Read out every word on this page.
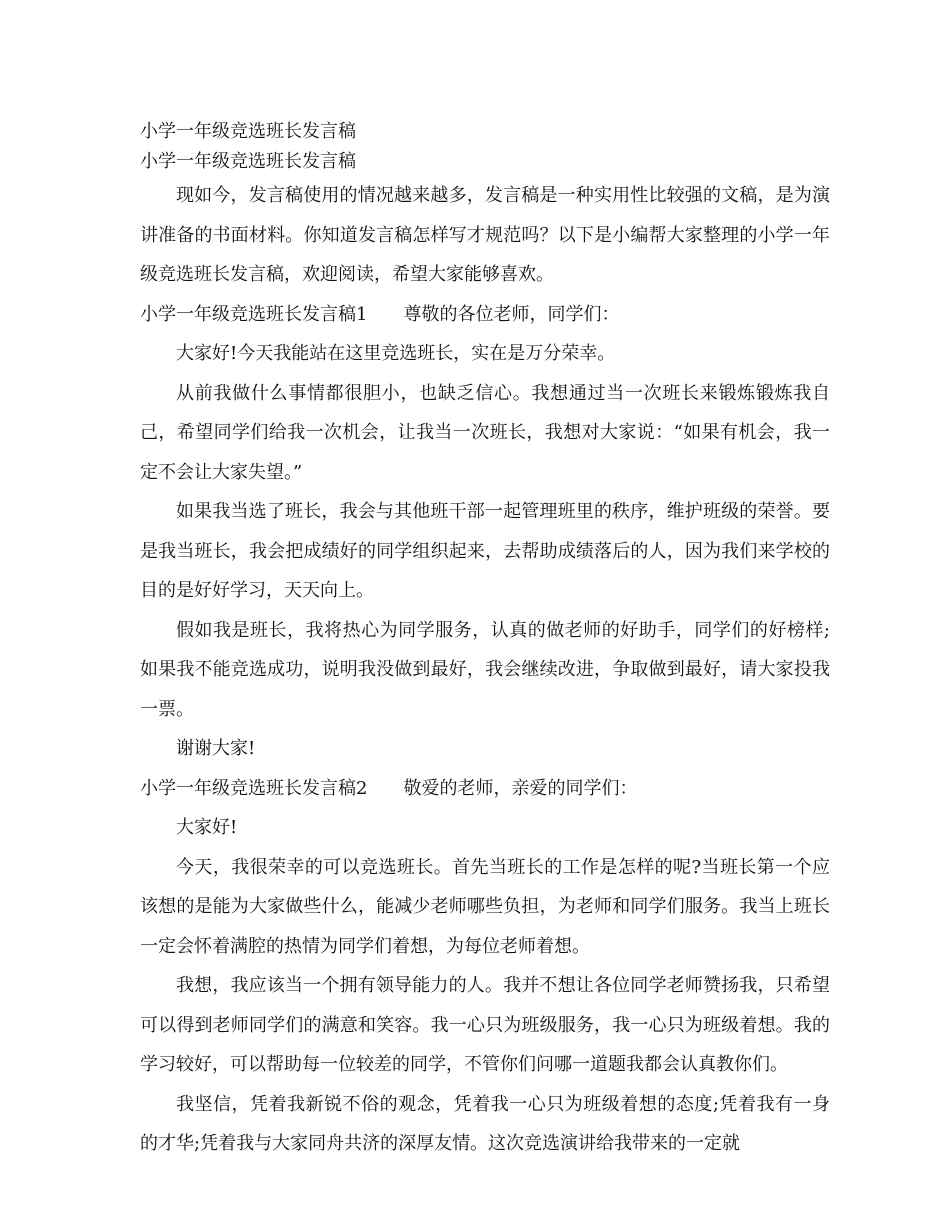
小学一年级竞选班长发言稿
小学一年级竞选班长发言稿

现如今，发言稿使用的情况越来越多，发言稿是一种实用性比较强的文稿，是为演讲准备的书面材料。你知道发言稿怎样写才规范吗？以下是小编帮大家整理的小学一年级竞选班长发言稿，欢迎阅读，希望大家能够喜欢。

小学一年级竞选班长发言稿1 尊敬的各位老师，同学们：

大家好!今天我能站在这里竞选班长，实在是万分荣幸。

从前我做什么事情都很胆小，也缺乏信心。我想通过当一次班长来锻炼锻炼我自己，希望同学们给我一次机会，让我当一次班长，我想对大家说：“如果有机会，我一定不会让大家失望。”

如果我当选了班长，我会与其他班干部一起管理班里的秩序，维护班级的荣誉。要是我当班长，我会把成绩好的同学组织起来，去帮助成绩落后的人，因为我们来学校的目的是好好学习，天天向上。

假如我是班长，我将热心为同学服务，认真的做老师的好助手，同学们的好榜样;如果我不能竞选成功，说明我没做到最好，我会继续改进，争取做到最好，请大家投我一票。

谢谢大家!

小学一年级竞选班长发言稿2 敬爱的老师，亲爱的同学们：

大家好!

今天，我很荣幸的可以竞选班长。首先当班长的工作是怎样的呢?当班长第一个应该想的是能为大家做些什么，能减少老师哪些负担，为老师和同学们服务。我当上班长一定会怀着满腔的热情为同学们着想，为每位老师着想。

我想，我应该当一个拥有领导能力的人。我并不想让各位同学老师赞扬我，只希望可以得到老师同学们的满意和笑容。我一心只为班级服务，我一心只为班级着想。我的学习较好，可以帮助每一位较差的同学，不管你们问哪一道题我都会认真教你们。

我坚信，凭着我新锐不俗的观念，凭着我一心只为班级着想的态度;凭着我有一身的才华;凭着我与大家同舟共济的深厚友情。这次竞选演讲给我带来的一定就
